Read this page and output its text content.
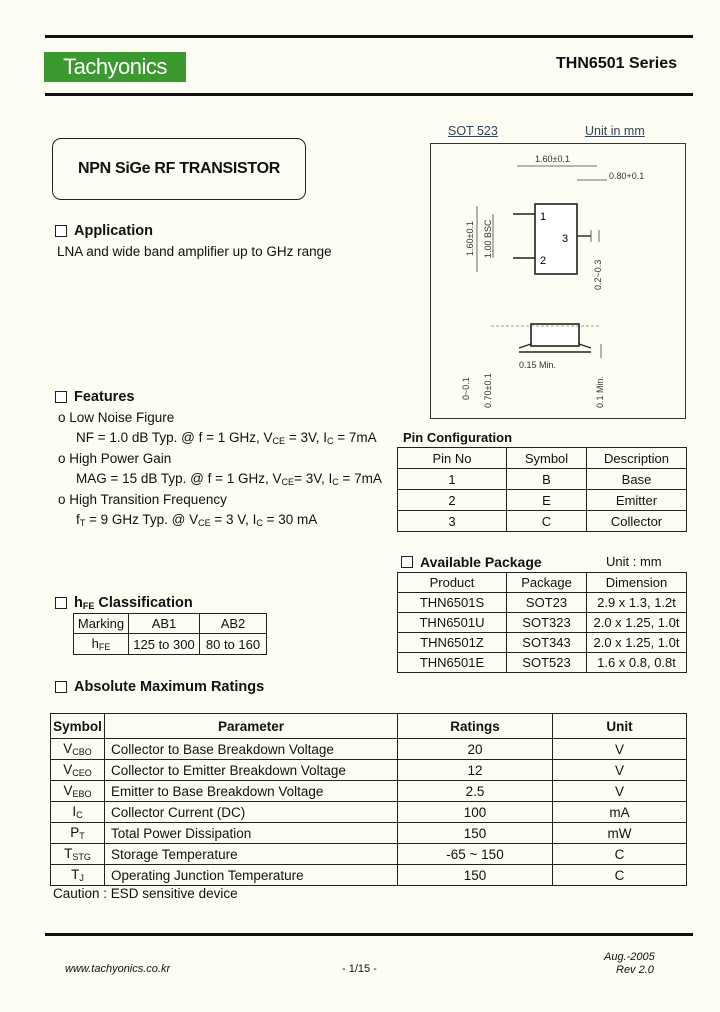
Tachyonics	THN6501 Series
NPN SiGe RF TRANSISTOR
SOT 523	Unit in mm
1
2
3
1.60±0.1
0.80+0.1
1.60±0.1 1.00 BSC
0.2~0.3
0.15 Min.
0~0.1 0.70±0.1	0.1 Min.
Application
LNA and wide band amplifier up to GHz range
Features
o Low Noise Figure
NF = 1.0 dB Typ. @ f = 1 GHz, $V_{CE} = 3V$, $I_C = 7mA$
o High Power Gain
MAG = 15 dB Typ. @ f = 1 GHz, $V_{CE}= 3V$, $I_C = 7mA$
o High Transition Frequency
$f_T = 9$ GHz Typ. @ $V_{CE} = 3$ V, $I_C = 30$ mA
Pin Configuration
Pin No	Symbol	Description
1	B	Base
2	E	Emitter
3	C	Collector
Available Package	Unit : mm
Product	Package	Dimension
THN6501S	SOT23	2.9 x 1.3, 1.2t
THN6501U	SOT323	2.0 x 1.25, 1.0t
THN6501Z	SOT343	2.0 x 1.25, 1.0t
THN6501E	SOT523	1.6 x 0.8, 0.8t
$h_{FE}$ Classification
Marking	AB1	AB2
$h_{FE}$	125 to 300	80 to 160
Absolute Maximum Ratings
Symbol	Parameter	Ratings	Unit
$V_{CBO}$	Collector to Base Breakdown Voltage	20	V
$V_{CEO}$	Collector to Emitter Breakdown Voltage	12	V
$V_{EBO}$	Emitter to Base Breakdown Voltage	2.5	V
$I_C$	Collector Current (DC)	100	mA
$P_T$	Total Power Dissipation	150	mW
$T_{STG}$	Storage Temperature	-65 ~ 150	C
$T_J$	Operating Junction Temperature	150	C
Caution : ESD sensitive device
www.tachyonics.co.kr	- 1/15 -
Aug.-2005
Rev 2.0
